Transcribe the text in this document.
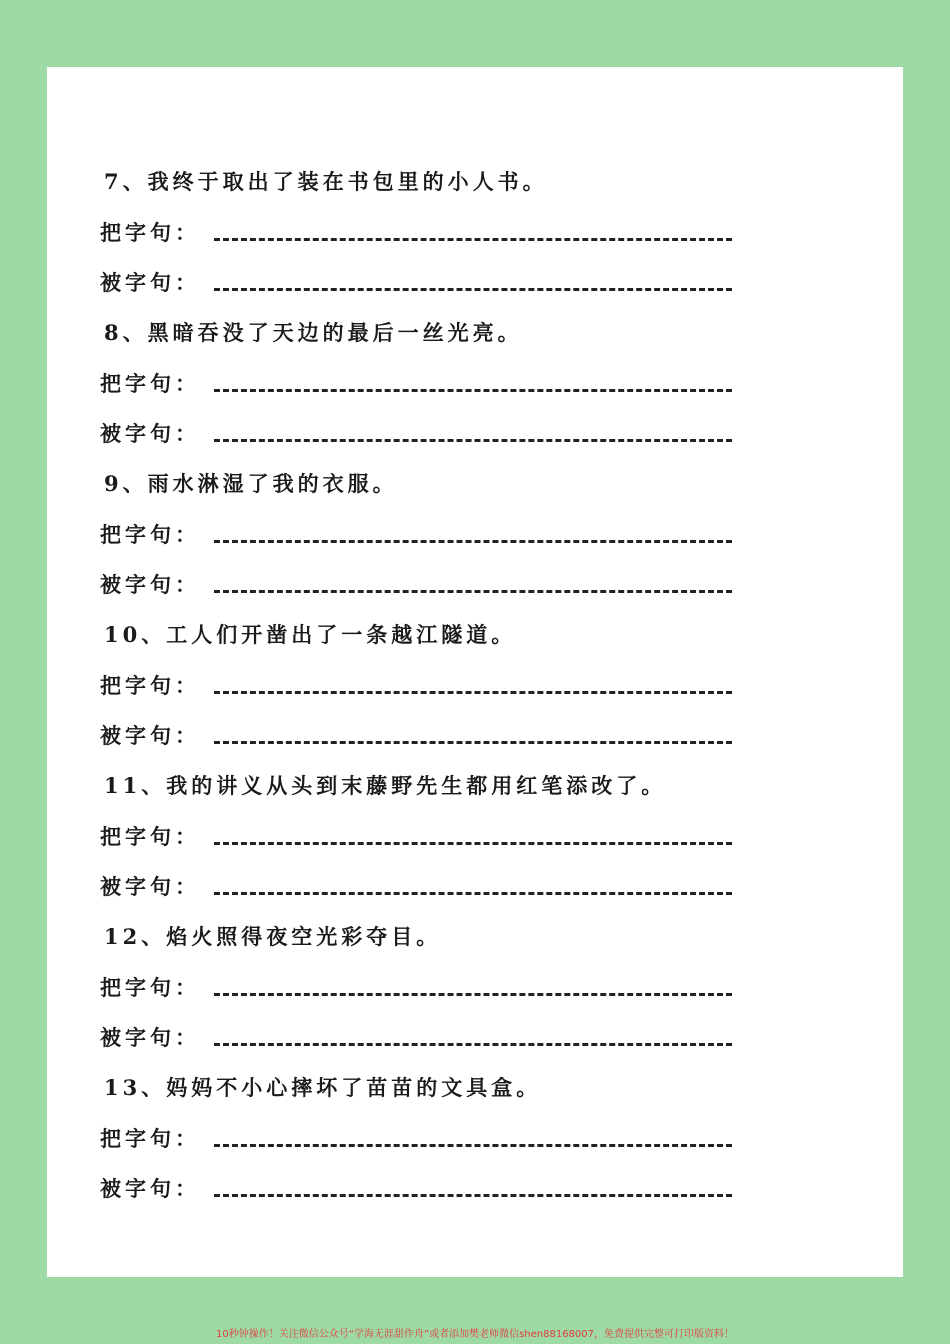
7、我终于取出了装在书包里的小人书。
把字句：
被字句：
8、黑暗吞没了天边的最后一丝光亮。
把字句：
被字句：
9、雨水淋湿了我的衣服。
把字句：
被字句：
10、工人们开凿出了一条越江隧道。
把字句：
被字句：
11、我的讲义从头到末藤野先生都用红笔添改了。
把字句：
被字句：
12、焰火照得夜空光彩夺目。
把字句：
被字句：
13、妈妈不小心摔坏了苗苗的文具盒。
把字句：
被字句：
10秒钟操作！关注微信公众号“学海无涯甜作舟”或者添加樊老师微信shen88168007，免费提供完整可打印版资料！
